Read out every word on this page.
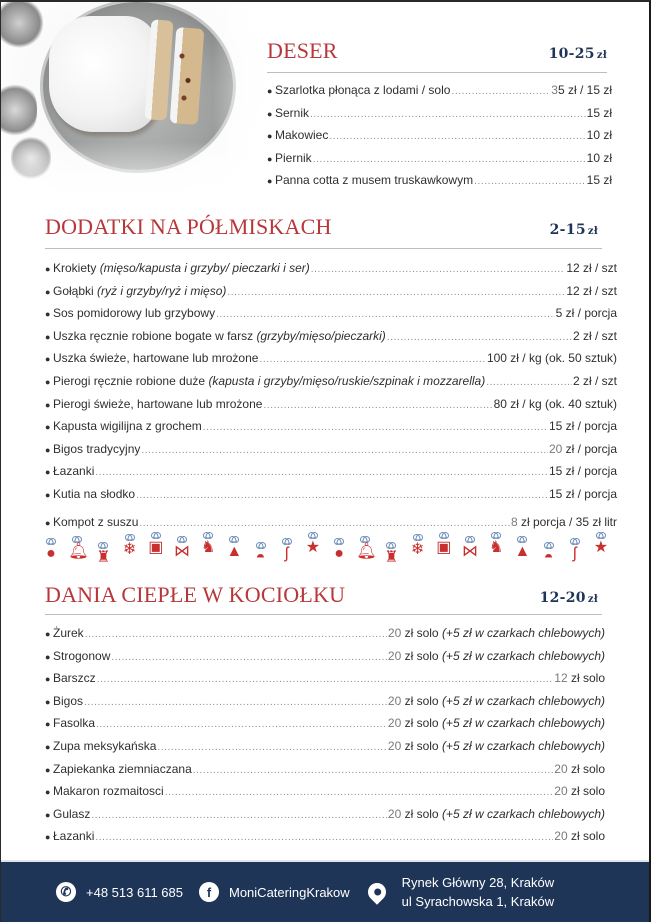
DESER	10-25 zł
● Szarlotka płonąca z lodami / solo .....	35 zł / 15 zł
● Sernik .....	15 zł
● Makowiec .....	10 zł
● Piernik .....	10 zł
● Panna cotta z musem truskawkowym .....	15 zł
DODATKI NA PÓŁMISKACH	2-15 zł
● Krokiety (mięso/kapusta i grzyby/ pieczarki i ser) .....	12 zł / szt
● Gołąbki (ryż i grzyby/ryż i mięso) .....	12 zł / szt
● Sos pomidorowy lub grzybowy .....	5 zł / porcja
● Uszka ręcznie robione bogate w farsz (grzyby/mięso/pieczarki) .....	2 zł / szt
● Uszka świeże, hartowane lub mrożone .....	100 zł / kg (ok. 50 sztuk)
● Pierogi ręcznie robione duże (kapusta i grzyby/mięso/ruskie/szpinak i mozzarella) .....	2 zł / szt
● Pierogi świeże, hartowane lub mrożone .....	80 zł / kg (ok. 40 sztuk)
● Kapusta wigilijna z grochem .....	15 zł / porcja
● Bigos tradycyjny .....	20 zł / porcja
● Łazanki .....	15 zł / porcja
● Kutia na słodko .....	15 zł / porcja
● Kompot z suszu .....	8 zł porcja / 35 zł litr
● 🔔︎ ♜ ❄ ▣ ⋈ ♞ ▲ ◓	ʃ	★ ● 🔔︎ ♜ ❄ ▣ ⋈ ♞ ▲ ◓	ʃ	★
DANIA CIEPŁE W KOCIOŁKU	12-20 zł
● Żurek .....	20 zł solo (+5 zł w czarkach chlebowych)
● Strogonow .....	20 zł solo (+5 zł w czarkach chlebowych)
● Barszcz .....	12 zł solo
● Bigos .....	20 zł solo (+5 zł w czarkach chlebowych)
● Fasolka .....	20 zł solo (+5 zł w czarkach chlebowych)
● Zupa meksykańska .....	20 zł solo (+5 zł w czarkach chlebowych)
● Zapiekanka ziemniaczana .....	20 zł solo
● Makaron rozmaitosci .....	20 zł solo
● Gulasz .....	20 zł solo (+5 zł w czarkach chlebowych)
● Łazanki .....	20 zł solo
✆	+48 513 611 685	f	MoniCateringKrakow
Rynek Główny 28, Kraków
ul Syrachowska 1, Kraków
